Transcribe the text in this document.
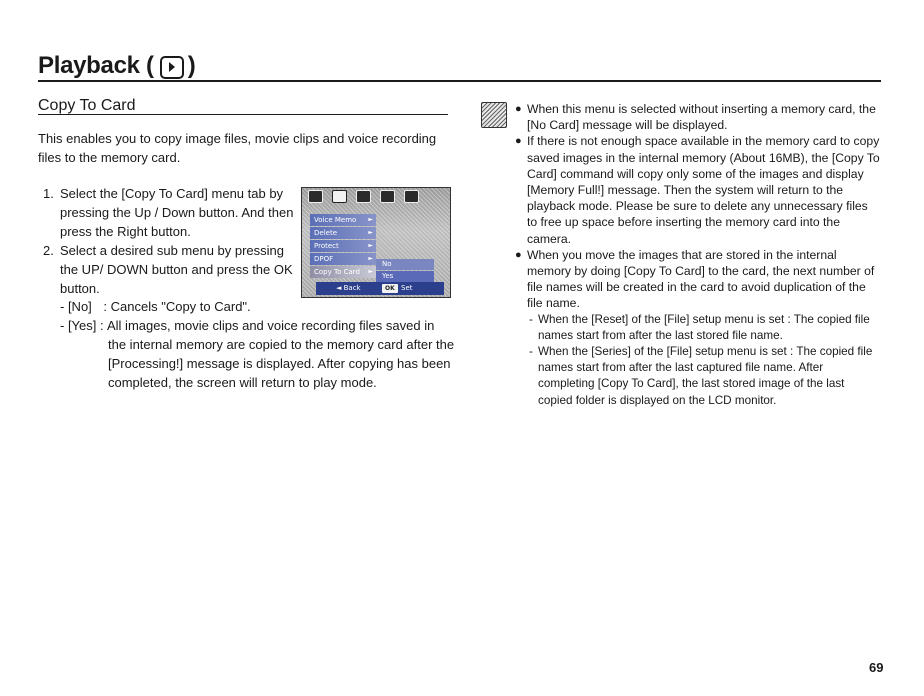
Playback ( )
Copy To Card

This enables you to copy image files, movie clips and voice recording files to the memory card.

1. Select the [Copy To Card] menu tab by pressing the Up / Down button. And then press the Right button.
2. Select a desired sub menu by pressing the UP/ DOWN button and press the OK button.
- [No] : Cancels "Copy to Card".
- [Yes] : All images, movie clips and voice recording files saved in the internal memory are copied to the memory card after the [Processing!] message is displayed. After copying has been completed, the screen will return to play mode.
Voice Memo ►
Delete	►
Protect	►
DPOF	►
Copy To Card ►
No
Yes
◄ Back	OK Set

● When this menu is selected without inserting a memory card, the [No Card] message will be displayed.

● If there is not enough space available in the memory card to copy saved images in the internal memory (About 16MB), the [Copy To Card] command will copy only some of the images and display [Memory Full!] message. Then the system will return to the playback mode. Please be sure to delete any unnecessary files to free up space before inserting the memory card into the camera.

● When you move the images that are stored in the internal memory by doing [Copy To Card] to the card, the next number of file names will be created in the card to avoid duplication of the file name.

- When the [Reset] of the [File] setup menu is set : The copied file names start from after the last stored file name.

- When the [Series] of the [File] setup menu is set : The copied file names start from after the last captured file name. After completing [Copy To Card], the last stored image of the last copied folder is displayed on the LCD monitor.

69
